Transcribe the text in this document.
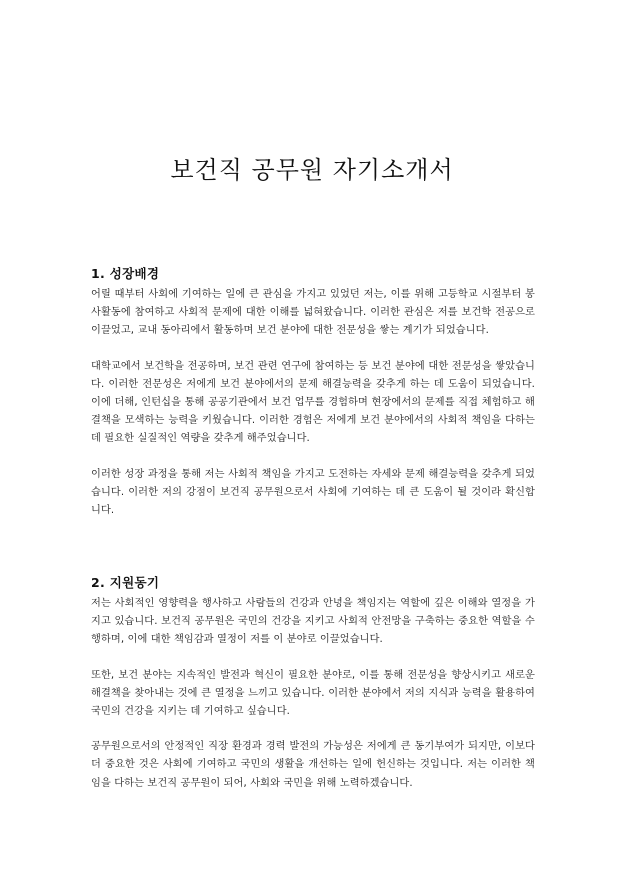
보건직 공무원 자기소개서
1. 성장배경

어릴 때부터 사회에 기여하는 일에 큰 관심을 가지고 있었던 저는, 이를 위해 고등학교 시절부터 봉사활동에 참여하고 사회적 문제에 대한 이해를 넓혀왔습니다. 이러한 관심은 저를 보건학 전공으로 이끌었고, 교내 동아리에서 활동하며 보건 분야에 대한 전문성을 쌓는 계기가 되었습니다.

대학교에서 보건학을 전공하며, 보건 관련 연구에 참여하는 등 보건 분야에 대한 전문성을 쌓았습니다. 이러한 전문성은 저에게 보건 분야에서의 문제 해결능력을 갖추게 하는 데 도움이 되었습니다. 이에 더해, 인턴십을 통해 공공기관에서 보건 업무를 경험하며 현장에서의 문제를 직접 체험하고 해결책을 모색하는 능력을 키웠습니다. 이러한 경험은 저에게 보건 분야에서의 사회적 책임을 다하는 데 필요한 실질적인 역량을 갖추게 해주었습니다.

이러한 성장 과정을 통해 저는 사회적 책임을 가지고 도전하는 자세와 문제 해결능력을 갖추게 되었습니다. 이러한 저의 강점이 보건직 공무원으로서 사회에 기여하는 데 큰 도움이 될 것이라 확신합니다.

2. 지원동기

저는 사회적인 영향력을 행사하고 사람들의 건강과 안녕을 책임지는 역할에 깊은 이해와 열정을 가지고 있습니다. 보건직 공무원은 국민의 건강을 지키고 사회적 안전망을 구축하는 중요한 역할을 수행하며, 이에 대한 책임감과 열정이 저를 이 분야로 이끌었습니다.

또한, 보건 분야는 지속적인 발전과 혁신이 필요한 분야로, 이를 통해 전문성을 향상시키고 새로운 해결책을 찾아내는 것에 큰 열정을 느끼고 있습니다. 이러한 분야에서 저의 지식과 능력을 활용하여 국민의 건강을 지키는 데 기여하고 싶습니다.

공무원으로서의 안정적인 직장 환경과 경력 발전의 가능성은 저에게 큰 동기부여가 되지만, 이보다 더 중요한 것은 사회에 기여하고 국민의 생활을 개선하는 일에 헌신하는 것입니다. 저는 이러한 책임을 다하는 보건직 공무원이 되어, 사회와 국민을 위해 노력하겠습니다.
